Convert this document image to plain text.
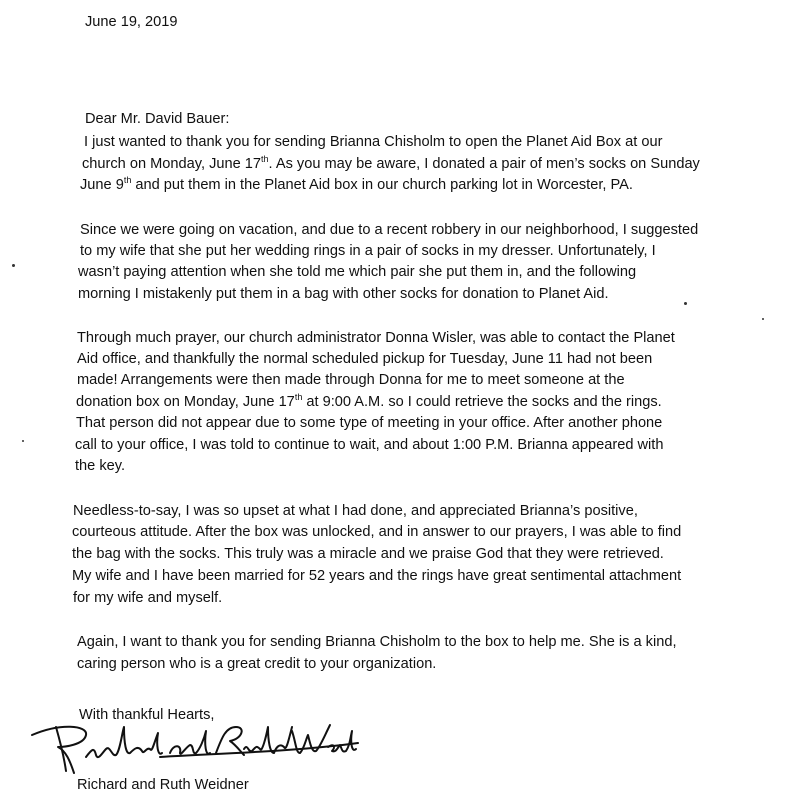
June 19, 2019
Dear Mr. David Bauer:
I just wanted to thank you for sending Brianna Chisholm to open the Planet Aid Box at our
church on Monday, June 17th. As you may be aware, I donated a pair of men’s socks on Sunday
June 9th and put them in the Planet Aid box in our church parking lot in Worcester, PA.
Since we were going on vacation, and due to a recent robbery in our neighborhood, I suggested
to my wife that she put her wedding rings in a pair of socks in my dresser. Unfortunately, I
wasn’t paying attention when she told me which pair she put them in, and the following
morning I mistakenly put them in a bag with other socks for donation to Planet Aid.
Through much prayer, our church administrator Donna Wisler, was able to contact the Planet
Aid office, and thankfully the normal scheduled pickup for Tuesday, June 11 had not been
made! Arrangements were then made through Donna for me to meet someone at the
donation box on Monday, June 17th at 9:00 A.M. so I could retrieve the socks and the rings.
That person did not appear due to some type of meeting in your office. After another phone
call to your office, I was told to continue to wait, and about 1:00 P.M. Brianna appeared with
the key.
Needless-to-say, I was so upset at what I had done, and appreciated Brianna’s positive,
courteous attitude. After the box was unlocked, and in answer to our prayers, I was able to find
the bag with the socks. This truly was a miracle and we praise God that they were retrieved.
My wife and I have been married for 52 years and the rings have great sentimental attachment
for my wife and myself.
Again, I want to thank you for sending Brianna Chisholm to the box to help me. She is a kind,
caring person who is a great credit to your organization.
With thankful Hearts,
Richard and Ruth Weidner
